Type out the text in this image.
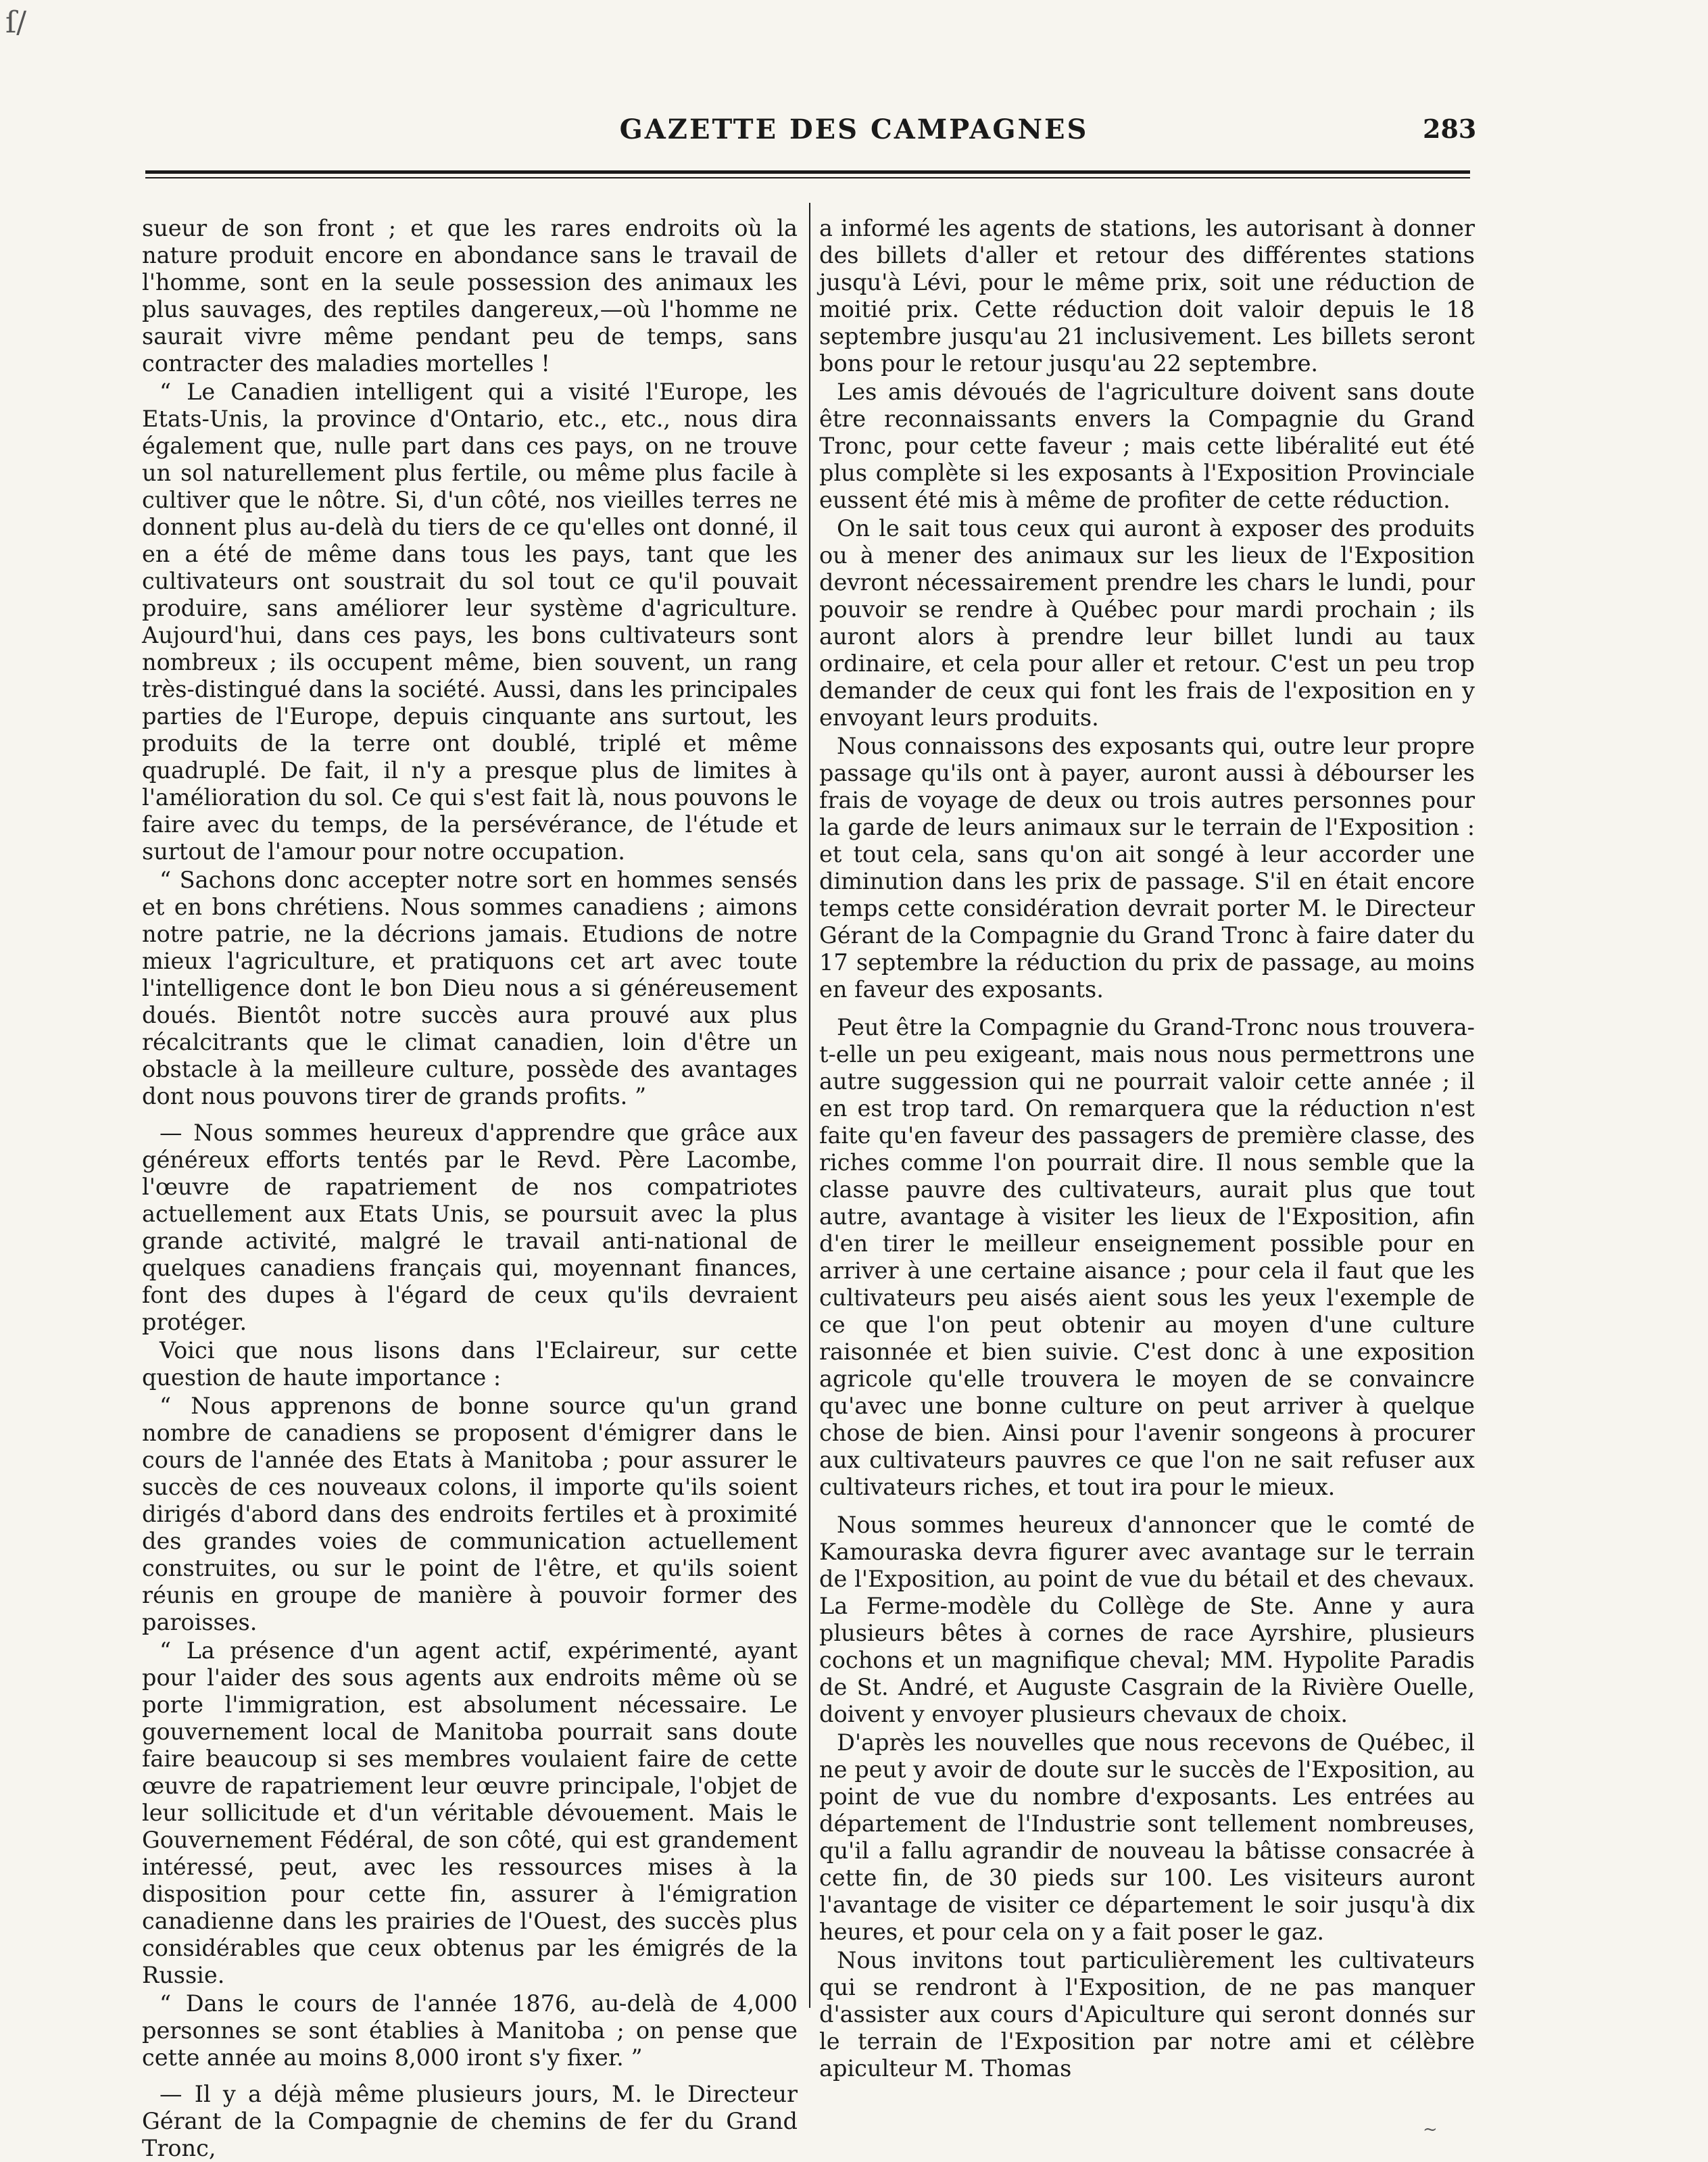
ſ/
GAZETTE DES CAMPAGNES	283

sueur de son front ; et que les rares endroits où la nature produit encore en abondance sans le travail de l'homme, sont en la seule possession des animaux les plus sauvages, des reptiles dangereux,—où l'homme ne saurait vivre même pendant peu de temps, sans contracter des maladies mortelles !

“ Le Canadien intelligent qui a visité l'Europe, les Etats-Unis, la province d'Ontario, etc., etc., nous dira également que, nulle part dans ces pays, on ne trouve un sol naturellement plus fertile, ou même plus facile à cultiver que le nôtre. Si, d'un côté, nos vieilles terres ne donnent plus au-delà du tiers de ce qu'elles ont donné, il en a été de même dans tous les pays, tant que les cultivateurs ont soustrait du sol tout ce qu'il pouvait produire, sans améliorer leur système d'agriculture. Aujourd'hui, dans ces pays, les bons cultivateurs sont nombreux ; ils occupent même, bien souvent, un rang très-distingué dans la société. Aussi, dans les principales parties de l'Europe, depuis cinquante ans surtout, les produits de la terre ont doublé, triplé et même quadruplé. De fait, il n'y a presque plus de limites à l'amélioration du sol. Ce qui s'est fait là, nous pouvons le faire avec du temps, de la persévérance, de l'étude et surtout de l'amour pour notre occupation.

“ Sachons donc accepter notre sort en hommes sensés et en bons chrétiens. Nous sommes canadiens ; aimons notre patrie, ne la décrions jamais. Etudions de notre mieux l'agriculture, et pratiquons cet art avec toute l'intelligence dont le bon Dieu nous a si généreusement doués. Bientôt notre succès aura prouvé aux plus récalcitrants que le climat canadien, loin d'être un obstacle à la meilleure culture, possède des avantages dont nous pouvons tirer de grands profits. ”

— Nous sommes heureux d'apprendre que grâce aux généreux efforts tentés par le Revd. Père Lacombe, l'œuvre de rapatriement de nos compatriotes actuellement aux Etats Unis, se poursuit avec la plus grande activité, malgré le travail anti-national de quelques canadiens français qui, moyennant finances, font des dupes à l'égard de ceux qu'ils devraient protéger.

Voici que nous lisons dans l'Eclaireur, sur cette question de haute importance :

“ Nous apprenons de bonne source qu'un grand nombre de canadiens se proposent d'émigrer dans le cours de l'année des Etats à Manitoba ; pour assurer le succès de ces nouveaux colons, il importe qu'ils soient dirigés d'abord dans des endroits fertiles et à proximité des grandes voies de communication actuellement construites, ou sur le point de l'être, et qu'ils soient réunis en groupe de manière à pouvoir former des paroisses.

“ La présence d'un agent actif, expérimenté, ayant pour l'aider des sous agents aux endroits même où se porte l'immigration, est absolument nécessaire. Le gouvernement local de Manitoba pourrait sans doute faire beaucoup si ses membres voulaient faire de cette œuvre de rapatriement leur œuvre principale, l'objet de leur sollicitude et d'un véritable dévouement. Mais le Gouvernement Fédéral, de son côté, qui est grandement intéressé, peut, avec les ressources mises à la disposition pour cette fin, assurer à l'émigration canadienne dans les prairies de l'Ouest, des succès plus considérables que ceux obtenus par les émigrés de la Russie.

“ Dans le cours de l'année 1876, au-delà de 4,000 personnes se sont établies à Manitoba ; on pense que cette année au moins 8,000 iront s'y fixer. ”

— Il y a déjà même plusieurs jours, M. le Directeur Gérant de la Compagnie de chemins de fer du Grand Tronc,

a informé les agents de stations, les autorisant à donner des billets d'aller et retour des différentes stations jusqu'à Lévi, pour le même prix, soit une réduction de moitié prix. Cette réduction doit valoir depuis le 18 septembre jusqu'au 21 inclusivement. Les billets seront bons pour le retour jusqu'au 22 septembre.

Les amis dévoués de l'agriculture doivent sans doute être reconnaissants envers la Compagnie du Grand Tronc, pour cette faveur ; mais cette libéralité eut été plus complète si les exposants à l'Exposition Provinciale eussent été mis à même de profiter de cette réduction.

On le sait tous ceux qui auront à exposer des produits ou à mener des animaux sur les lieux de l'Exposition devront nécessairement prendre les chars le lundi, pour pouvoir se rendre à Québec pour mardi prochain ; ils auront alors à prendre leur billet lundi au taux ordinaire, et cela pour aller et retour. C'est un peu trop demander de ceux qui font les frais de l'exposition en y envoyant leurs produits.

Nous connaissons des exposants qui, outre leur propre passage qu'ils ont à payer, auront aussi à débourser les frais de voyage de deux ou trois autres personnes pour la garde de leurs animaux sur le terrain de l'Exposition : et tout cela, sans qu'on ait songé à leur accorder une diminution dans les prix de passage. S'il en était encore temps cette considération devrait porter M. le Directeur Gérant de la Compagnie du Grand Tronc à faire dater du 17 septembre la réduction du prix de passage, au moins en faveur des exposants.

Peut être la Compagnie du Grand-Tronc nous trouvera-t-elle un peu exigeant, mais nous nous permettrons une autre suggession qui ne pourrait valoir cette année ; il en est trop tard. On remarquera que la réduction n'est faite qu'en faveur des passagers de première classe, des riches comme l'on pourrait dire. Il nous semble que la classe pauvre des cultivateurs, aurait plus que tout autre, avantage à visiter les lieux de l'Exposition, afin d'en tirer le meilleur enseignement possible pour en arriver à une certaine aisance ; pour cela il faut que les cultivateurs peu aisés aient sous les yeux l'exemple de ce que l'on peut obtenir au moyen d'une culture raisonnée et bien suivie. C'est donc à une exposition agricole qu'elle trouvera le moyen de se convaincre qu'avec une bonne culture on peut arriver à quelque chose de bien. Ainsi pour l'avenir songeons à procurer aux cultivateurs pauvres ce que l'on ne sait refuser aux cultivateurs riches, et tout ira pour le mieux.

Nous sommes heureux d'annoncer que le comté de Kamouraska devra figurer avec avantage sur le terrain de l'Exposition, au point de vue du bétail et des chevaux. La Ferme-modèle du Collège de Ste. Anne y aura plusieurs bêtes à cornes de race Ayrshire, plusieurs cochons et un magnifique cheval; MM. Hypolite Paradis de St. André, et Auguste Casgrain de la Rivière Ouelle, doivent y envoyer plusieurs chevaux de choix.

D'après les nouvelles que nous recevons de Québec, il ne peut y avoir de doute sur le succès de l'Exposition, au point de vue du nombre d'exposants. Les entrées au département de l'Industrie sont tellement nombreuses, qu'il a fallu agrandir de nouveau la bâtisse consacrée à cette fin, de 30 pieds sur 100. Les visiteurs auront l'avantage de visiter ce département le soir jusqu'à dix heures, et pour cela on y a fait poser le gaz.

Nous invitons tout particulièrement les cultivateurs qui se rendront à l'Exposition, de ne pas manquer d'assister aux cours d'Apiculture qui seront donnés sur le terrain de l'Exposition par notre ami et célèbre apiculteur M. Thomas

~
